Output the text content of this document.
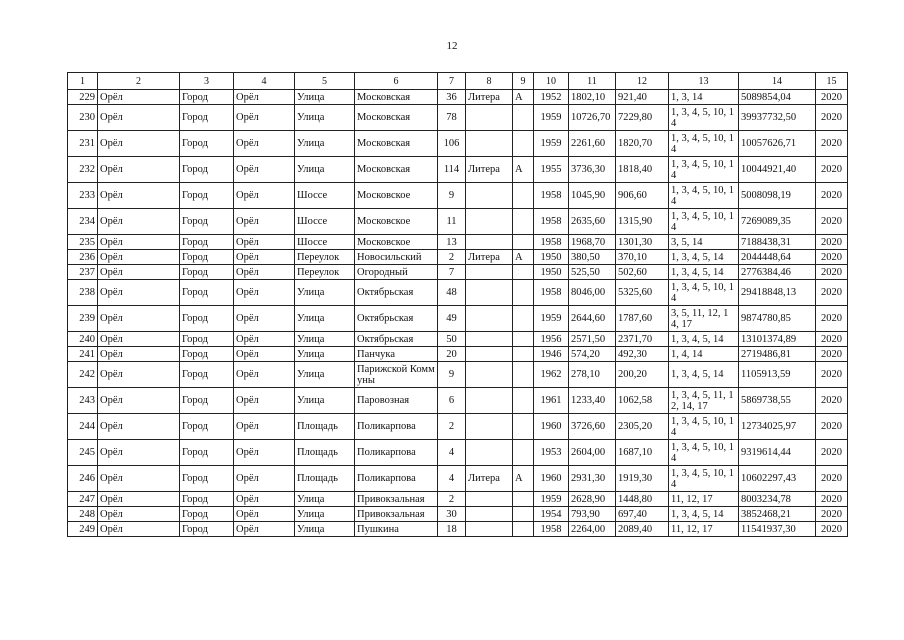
12
1	2	3	4	5	6	7	8	9	10	11	12	13	14	15
229	Орёл	Город	Орёл	Улица	Московская	36	Литера	А	1952	1802,10	921,40	1, 3, 14	5089854,04	2020
230	Орёл	Город	Орёл	Улица	Московская	78			1959	10726,70	7229,80	1, 3, 4, 5, 10, 14	39937732,50	2020
231	Орёл	Город	Орёл	Улица	Московская	106			1959	2261,60	1820,70	1, 3, 4, 5, 10, 14	10057626,71	2020
232	Орёл	Город	Орёл	Улица	Московская	114	Литера	А	1955	3736,30	1818,40	1, 3, 4, 5, 10, 14	10044921,40	2020
233	Орёл	Город	Орёл	Шоссе	Московское	9			1958	1045,90	906,60	1, 3, 4, 5, 10, 14	5008098,19	2020
234	Орёл	Город	Орёл	Шоссе	Московское	11			1958	2635,60	1315,90	1, 3, 4, 5, 10, 14	7269089,35	2020
235	Орёл	Город	Орёл	Шоссе	Московское	13			1958	1968,70	1301,30	3, 5, 14	7188438,31	2020
236	Орёл	Город	Орёл	Переулок	Новосильский	2	Литера	А	1950	380,50	370,10	1, 3, 4, 5, 14	2044448,64	2020
237	Орёл	Город	Орёл	Переулок	Огородный	7			1950	525,50	502,60	1, 3, 4, 5, 14	2776384,46	2020
238	Орёл	Город	Орёл	Улица	Октябрьская	48			1958	8046,00	5325,60	1, 3, 4, 5, 10, 14	29418848,13	2020
239	Орёл	Город	Орёл	Улица	Октябрьская	49			1959	2644,60	1787,60	3, 5, 11, 12, 14, 17	9874780,85	2020
240	Орёл	Город	Орёл	Улица	Октябрьская	50			1956	2571,50	2371,70	1, 3, 4, 5, 14	13101374,89	2020
241	Орёл	Город	Орёл	Улица	Панчука	20			1946	574,20	492,30	1, 4, 14	2719486,81	2020
242	Орёл	Город	Орёл	Улица	Парижской Коммуны	9			1962	278,10	200,20	1, 3, 4, 5, 14	1105913,59	2020
243	Орёл	Город	Орёл	Улица	Паровозная	6			1961	1233,40	1062,58	1, 3, 4, 5, 11, 12, 14, 17	5869738,55	2020
244	Орёл	Город	Орёл	Площадь	Поликарпова	2			1960	3726,60	2305,20	1, 3, 4, 5, 10, 14	12734025,97	2020
245	Орёл	Город	Орёл	Площадь	Поликарпова	4			1953	2604,00	1687,10	1, 3, 4, 5, 10, 14	9319614,44	2020
246	Орёл	Город	Орёл	Площадь	Поликарпова	4	Литера	А	1960	2931,30	1919,30	1, 3, 4, 5, 10, 14	10602297,43	2020
247	Орёл	Город	Орёл	Улица	Привокзальная	2			1959	2628,90	1448,80	11, 12, 17	8003234,78	2020
248	Орёл	Город	Орёл	Улица	Привокзальная	30			1954	793,90	697,40	1, 3, 4, 5, 14	3852468,21	2020
249	Орёл	Город	Орёл	Улица	Пушкина	18			1958	2264,00	2089,40	11, 12, 17	11541937,30	2020
